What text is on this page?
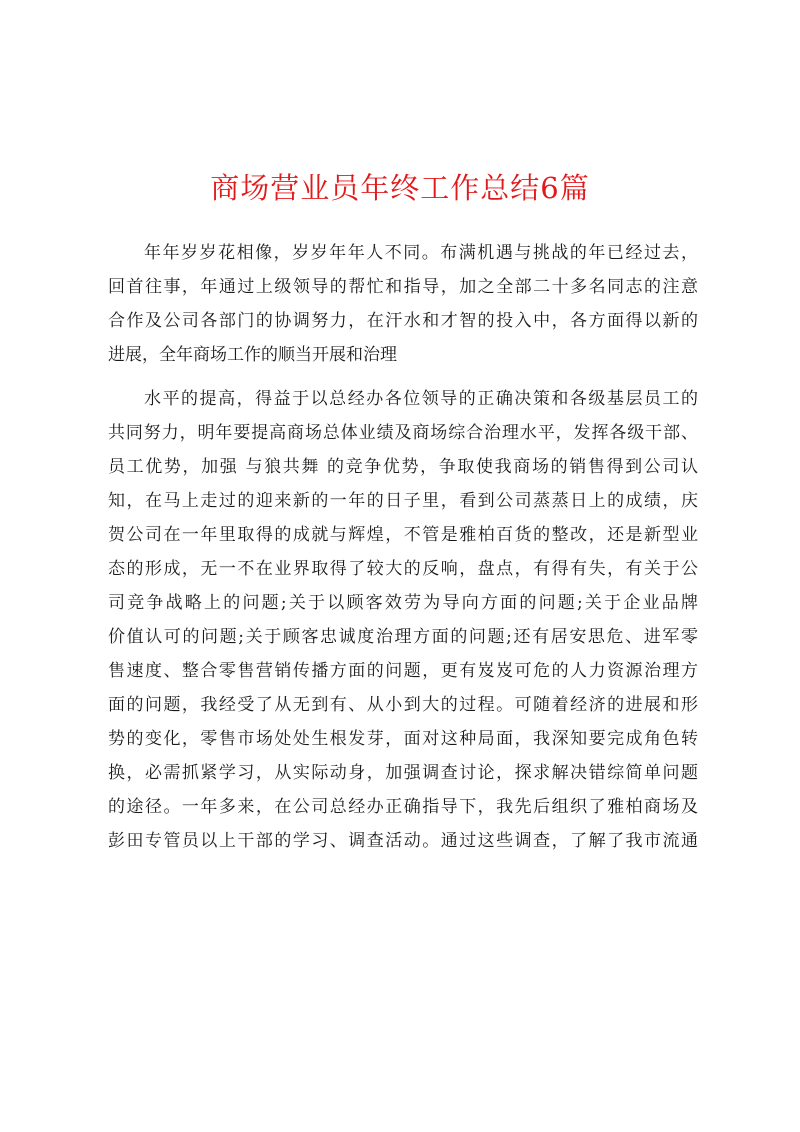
商场营业员年终工作总结6篇
年年岁岁花相像，岁岁年年人不同。布满机遇与挑战的年已经过去，
回首往事，年通过上级领导的帮忙和指导，加之全部二十多名同志的注意
合作及公司各部门的协调努力，在汗水和才智的投入中，各方面得以新的
进展，全年商场工作的顺当开展和治理
水平的提高，得益于以总经办各位领导的正确决策和各级基层员工的
共同努力，明年要提高商场总体业绩及商场综合治理水平，发挥各级干部、
员工优势，加强 与狼共舞 的竞争优势，争取使我商场的销售得到公司认
知，在马上走过的迎来新的一年的日子里，看到公司蒸蒸日上的成绩，庆
贺公司在一年里取得的成就与辉煌，不管是雅柏百货的整改，还是新型业
态的形成，无一不在业界取得了较大的反响，盘点，有得有失，有关于公
司竞争战略上的问题;关于以顾客效劳为导向方面的问题;关于企业品牌
价值认可的问题;关于顾客忠诚度治理方面的问题;还有居安思危、进军零
售速度、整合零售营销传播方面的问题，更有岌岌可危的人力资源治理方
面的问题，我经受了从无到有、从小到大的过程。可随着经济的进展和形
势的变化，零售市场处处生根发芽，面对这种局面，我深知要完成角色转
换，必需抓紧学习，从实际动身，加强调查讨论，探求解决错综简单问题
的途径。一年多来，在公司总经办正确指导下，我先后组织了雅柏商场及
彭田专管员以上干部的学习、调查活动。通过这些调查，了解了我市流通
